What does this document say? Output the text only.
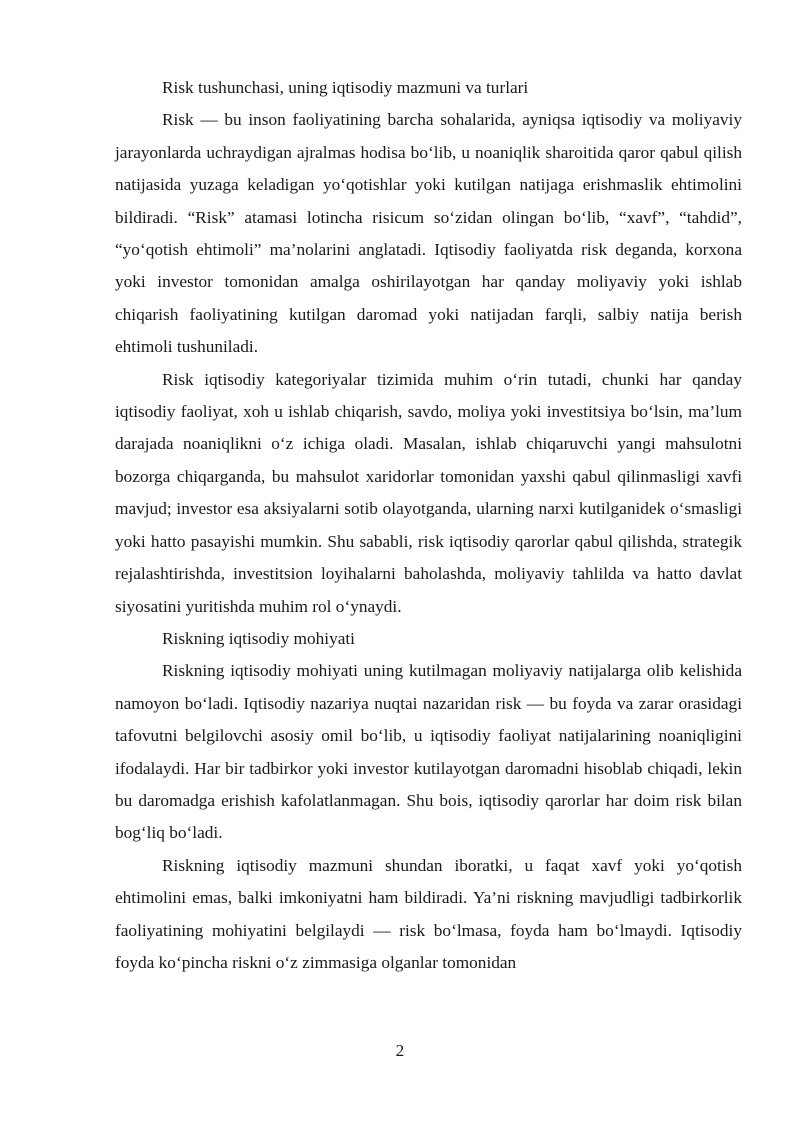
Risk tushunchasi, uning iqtisodiy mazmuni va turlari

Risk — bu inson faoliyatining barcha sohalarida, ayniqsa iqtisodiy va moliyaviy jarayonlarda uchraydigan ajralmas hodisa bo‘lib, u noaniqlik sharoitida qaror qabul qilish natijasida yuzaga keladigan yo‘qotishlar yoki kutilgan natijaga erishmaslik ehtimolini bildiradi. “Risk” atamasi lotincha risicum so‘zidan olingan bo‘lib, “xavf”, “tahdid”, “yo‘qotish ehtimoli” ma’nolarini anglatadi. Iqtisodiy faoliyatda risk deganda, korxona yoki investor tomonidan amalga oshirilayotgan har qanday moliyaviy yoki ishlab chiqarish faoliyatining kutilgan daromad yoki natijadan farqli, salbiy natija berish ehtimoli tushuniladi.

Risk iqtisodiy kategoriyalar tizimida muhim o‘rin tutadi, chunki har qanday iqtisodiy faoliyat, xoh u ishlab chiqarish, savdo, moliya yoki investitsiya bo‘lsin, ma’lum darajada noaniqlikni o‘z ichiga oladi. Masalan, ishlab chiqaruvchi yangi mahsulotni bozorga chiqarganda, bu mahsulot xaridorlar tomonidan yaxshi qabul qilinmasligi xavfi mavjud; investor esa aksiyalarni sotib olayotganda, ularning narxi kutilganidek o‘smasligi yoki hatto pasayishi mumkin. Shu sababli, risk iqtisodiy qarorlar qabul qilishda, strategik rejalashtirishda, investitsion loyihalarni baholashda, moliyaviy tahlilda va hatto davlat siyosatini yuritishda muhim rol o‘ynaydi.

Riskning iqtisodiy mohiyati

Riskning iqtisodiy mohiyati uning kutilmagan moliyaviy natijalarga olib kelishida namoyon bo‘ladi. Iqtisodiy nazariya nuqtai nazaridan risk — bu foyda va zarar orasidagi tafovutni belgilovchi asosiy omil bo‘lib, u iqtisodiy faoliyat natijalarining noaniqligini ifodalaydi. Har bir tadbirkor yoki investor kutilayotgan daromadni hisoblab chiqadi, lekin bu daromadga erishish kafolatlanmagan. Shu bois, iqtisodiy qarorlar har doim risk bilan bog‘liq bo‘ladi.

Riskning iqtisodiy mazmuni shundan iboratki, u faqat xavf yoki yo‘qotish ehtimolini emas, balki imkoniyatni ham bildiradi. Ya’ni riskning mavjudligi tadbirkorlik faoliyatining mohiyatini belgilaydi — risk bo‘lmasa, foyda ham bo‘lmaydi. Iqtisodiy foyda ko‘pincha riskni o‘z zimmasiga olganlar tomonidan

2
